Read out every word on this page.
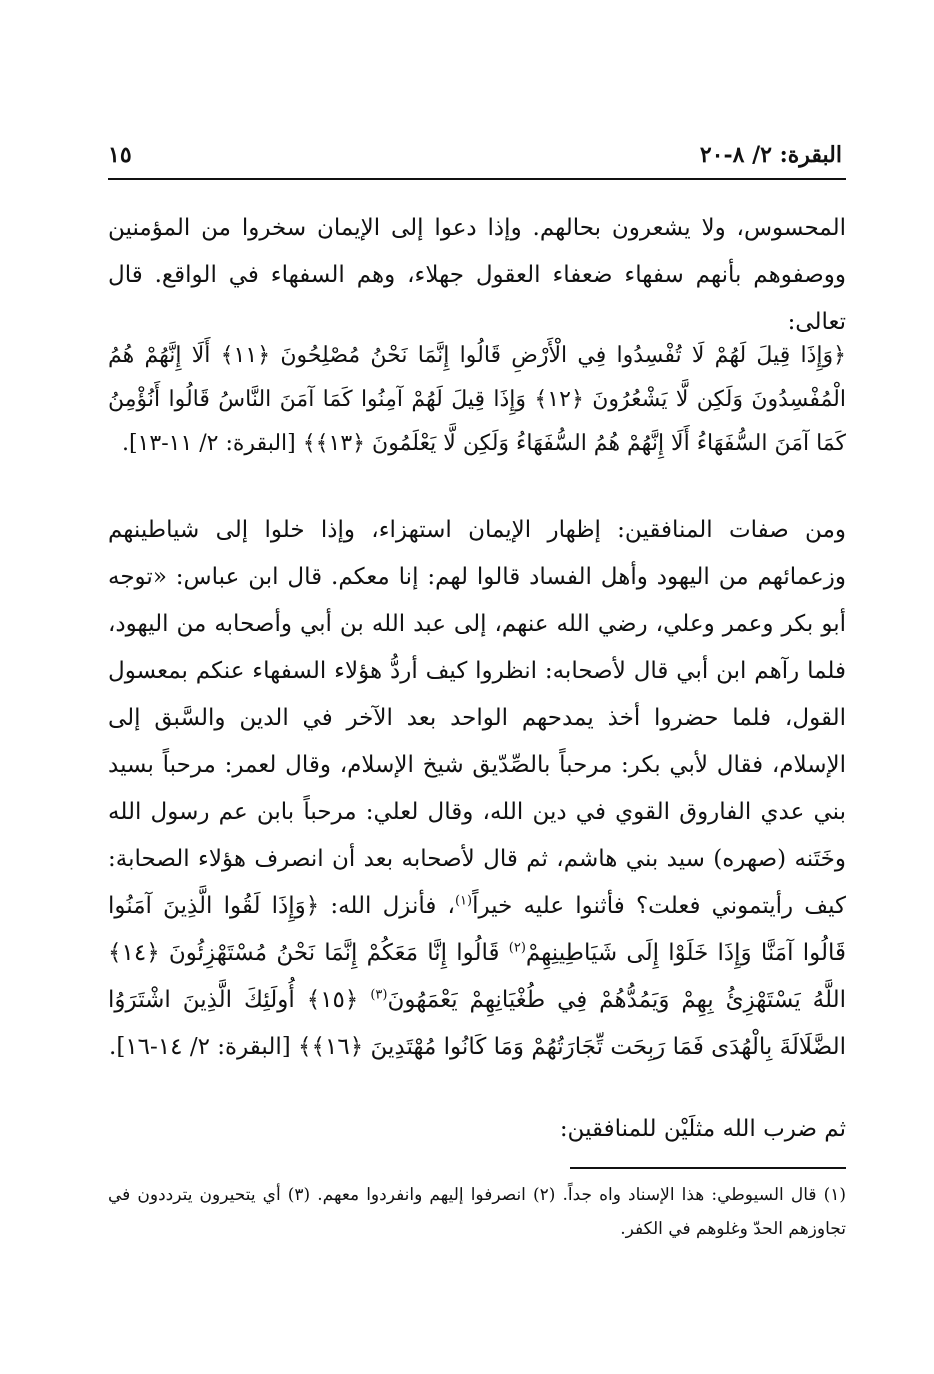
البقرة: ٢/ ٨-٢٠
١٥

المحسوس، ولا يشعرون بحالهم. وإذا دعوا إلى الإيمان سخروا من المؤمنين ووصفوهم بأنهم سفهاء ضعفاء العقول جهلاء، وهم السفهاء في الواقع. قال تعالى:

﴿وَإِذَا قِيلَ لَهُمْ لَا تُفْسِدُوا فِي الْأَرْضِ قَالُوا إِنَّمَا نَحْنُ مُصْلِحُونَ ﴿١١﴾ أَلَا إِنَّهُمْ هُمُ الْمُفْسِدُونَ وَلَكِن لَّا يَشْعُرُونَ ﴿١٢﴾ وَإِذَا قِيلَ لَهُمْ آمِنُوا كَمَا آمَنَ النَّاسُ قَالُوا أَنُؤْمِنُ كَمَا آمَنَ السُّفَهَاءُ أَلَا إِنَّهُمْ هُمُ السُّفَهَاءُ وَلَكِن لَّا يَعْلَمُونَ ﴿١٣﴾﴾ [البقرة: ٢/ ١١-١٣].

ومن صفات المنافقين: إظهار الإيمان استهزاء، وإذا خلوا إلى شياطينهم وزعمائهم من اليهود وأهل الفساد قالوا لهم: إنا معكم. قال ابن عباس: «توجه أبو بكر وعمر وعلي، رضي الله عنهم، إلى عبد الله بن أبي وأصحابه من اليهود، فلما رآهم ابن أبي قال لأصحابه: انظروا كيف أردُّ هؤلاء السفهاء عنكم بمعسول القول، فلما حضروا أخذ يمدحهم الواحد بعد الآخر في الدين والسَّبق إلى الإسلام، فقال لأبي بكر: مرحباً بالصِّدّيق شيخ الإسلام، وقال لعمر: مرحباً بسيد بني عدي الفاروق القوي في دين الله، وقال لعلي: مرحباً بابن عم رسول الله وخَتَنه (صهره) سيد بني هاشم، ثم قال لأصحابه بعد أن انصرف هؤلاء الصحابة: كيف رأيتموني فعلت؟ فأثنوا عليه خيراً$^{(١)}$، فأنزل الله: ﴿وَإِذَا لَقُوا الَّذِينَ آمَنُوا قَالُوا آمَنَّا وَإِذَا خَلَوْا إِلَى شَيَاطِينِهِمْ$^{(٢)}$ قَالُوا إِنَّا مَعَكُمْ إِنَّمَا نَحْنُ مُسْتَهْزِئُونَ ﴿١٤﴾ اللَّهُ يَسْتَهْزِئُ بِهِمْ وَيَمُدُّهُمْ فِي طُغْيَانِهِمْ يَعْمَهُونَ$^{(٣)}$ ﴿١٥﴾ أُولَئِكَ الَّذِينَ اشْتَرَوُا الضَّلَالَةَ بِالْهُدَى فَمَا رَبِحَت تِّجَارَتُهُمْ وَمَا كَانُوا مُهْتَدِينَ ﴿١٦﴾﴾ [البقرة: ٢/ ١٤-١٦].

ثم ضرب الله مثلَيْن للمنافقين:

(١) قال السيوطي: هذا الإسناد واه جداً. (٢) انصرفوا إليهم وانفردوا معهم. (٣) أي يتحيرون يترددون في تجاوزهم الحدّ وغلوهم في الكفر.
